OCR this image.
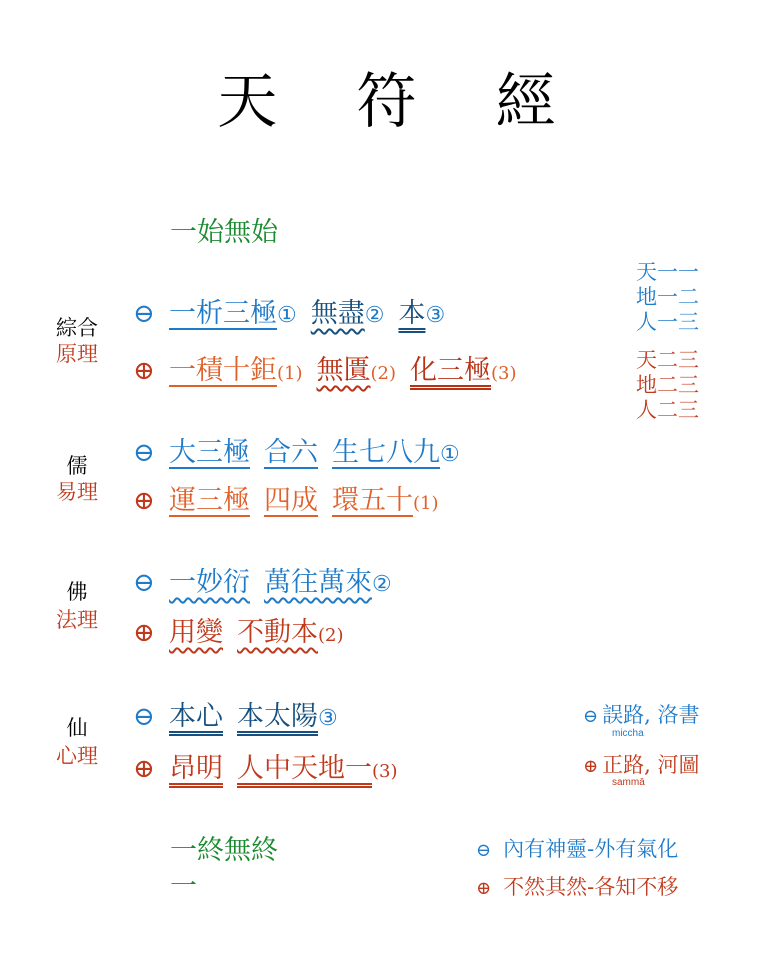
天 符 經
一始無始
綜合
原理
⊖ 一析三極① 無盡② 本③
⊕ 一積十鉅(1) 無匱(2) 化三極(3)
天一一
地一二
人一三
天二三
地二三
人二三
儒
易理
⊖ 大三極 合六 生七八九①
⊕ 運三極 四成 環五十(1)
佛
法理
⊖ 一妙衍 萬往萬來②
⊕ 用變 不動本(2)
仙
心理
⊖ 本心 本太陽③
⊕ 昂明 人中天地一(3)
⊖ 誤路, 洛書
miccha
⊕ 正路, 河圖
sammā
一終無終
一
⊖ 內有神靈-外有氣化
⊕ 不然其然-各知不移
